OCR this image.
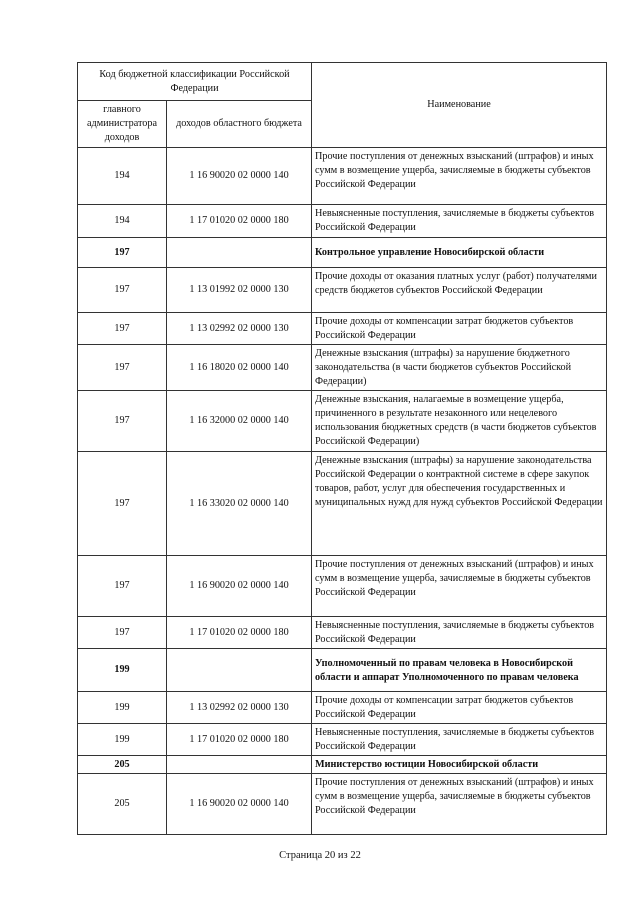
Код бюджетной классификации Российской Федерации		Наименование
главного администратора доходов	доходов областного бюджета	
194	1 16 90020 02 0000 140	Прочие поступления от денежных взысканий (штрафов) и иных сумм в возмещение ущерба, зачисляемые в бюджеты субъектов Российской Федерации
194	1 17 01020 02 0000 180	Невыясненные поступления, зачисляемые в бюджеты субъектов Российской Федерации
197		Контрольное управление Новосибирской области
197	1 13 01992 02 0000 130	Прочие доходы от оказания платных услуг (работ) получателями средств бюджетов субъектов Российской Федерации
197	1 13 02992 02 0000 130	Прочие доходы от компенсации затрат бюджетов субъектов Российской Федерации
197	1 16 18020 02 0000 140	Денежные взыскания (штрафы) за нарушение бюджетного законодательства (в части бюджетов субъектов Российской Федерации)
197	1 16 32000 02 0000 140	Денежные взыскания, налагаемые в возмещение ущерба, причиненного в результате незаконного или нецелевого использования бюджетных средств (в части бюджетов субъектов Российской Федерации)
197	1 16 33020 02 0000 140	Денежные взыскания (штрафы) за нарушение законодательства Российской Федерации о контрактной системе в сфере закупок товаров, работ, услуг для обеспечения государственных и муниципальных нужд для нужд субъектов Российской Федерации
197	1 16 90020 02 0000 140	Прочие поступления от денежных взысканий (штрафов) и иных сумм в возмещение ущерба, зачисляемые в бюджеты субъектов Российской Федерации
197	1 17 01020 02 0000 180	Невыясненные поступления, зачисляемые в бюджеты субъектов Российской Федерации
199		Уполномоченный по правам человека в Новосибирской области и аппарат Уполномоченного по правам человека
199	1 13 02992 02 0000 130	Прочие доходы от компенсации затрат бюджетов субъектов Российской Федерации
199	1 17 01020 02 0000 180	Невыясненные поступления, зачисляемые в бюджеты субъектов Российской Федерации
205		Министерство юстиции Новосибирской области
205	1 16 90020 02 0000 140	Прочие поступления от денежных взысканий (штрафов) и иных сумм в возмещение ущерба, зачисляемые в бюджеты субъектов Российской Федерации
Страница 20 из 22
